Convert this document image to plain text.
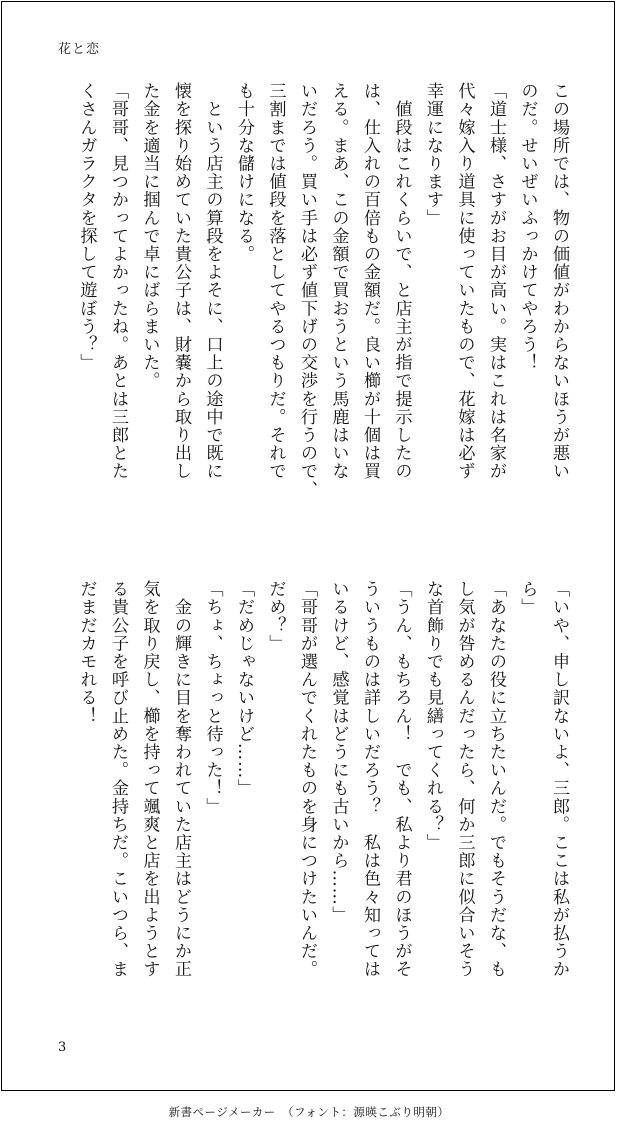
花と恋
この場所では、物の価値がわからないほうが悪い
のだ。せいぜいふっかけてやろう！
「道士様、さすがお目が高い。実はこれは名家が
代々嫁入り道具に使っていたもので、花嫁は必ず
幸運になります」
　値段はこれくらいで、と店主が指で提示したの
は、仕入れの百倍もの金額だ。良い櫛が十個は買
える。まあ、この金額で買おうという馬鹿はいな
いだろう。買い手は必ず値下げの交渉を行うので、
三割までは値段を落としてやるつもりだ。それで
も十分な儲けになる。
　という店主の算段をよそに、口上の途中で既に
懐を探り始めていた貴公子は、財嚢から取り出し
た金を適当に掴んで卓にばらまいた。
「哥哥、見つかってよかったね。あとは三郎とた
くさんガラクタを探して遊ぼう？」
「いや、申し訳ないよ、三郎。ここは私が払うか
ら」
「あなたの役に立ちたいんだ。でもそうだな、も
し気が咎めるんだったら、何か三郎に似合いそう
な首飾りでも見繕ってくれる？」
「うん、もちろん！　でも、私より君のほうがそ
ういうものは詳しいだろう？　私は色々知っては
いるけど、感覚はどうにも古いから……」
「哥哥が選んでくれたものを身につけたいんだ。
だめ？」
「だめじゃないけど……」
「ちょ、ちょっと待った！」
　金の輝きに目を奪われていた店主はどうにか正
気を取り戻し、櫛を持って颯爽と店を出ようとす
る貴公子を呼び止めた。金持ちだ。こいつら、ま
だまだカモれる！
3
新書ページメーカー　（フォント：源暎こぶり明朝）
